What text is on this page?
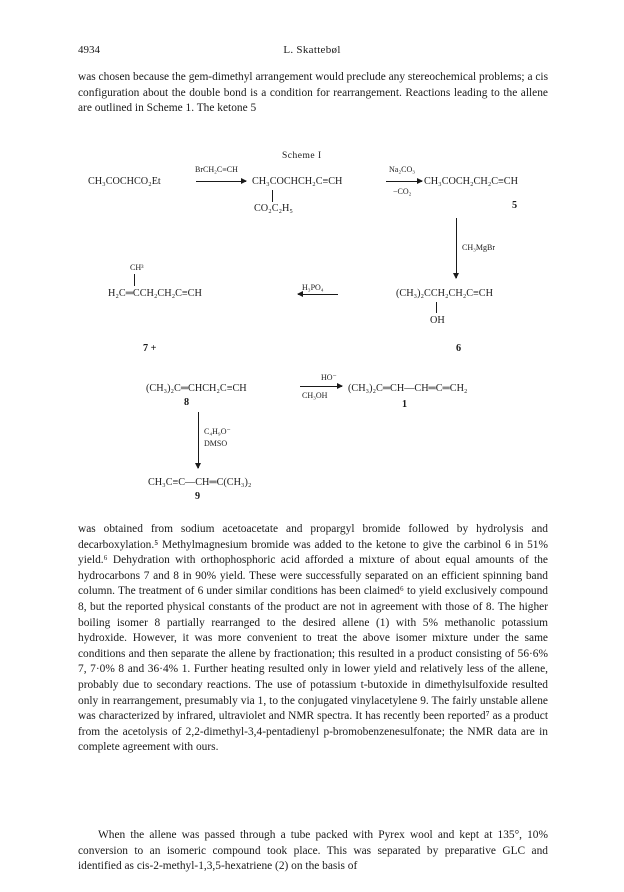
4934	L. Skattebøl

was chosen because the gem-dimethyl arrangement would preclude any stereochemical problems; a cis configuration about the double bond is a condition for rearrangement. Reactions leading to the allene are outlined in Scheme 1. The ketone 5

Scheme I
CH₃COCHCO₂Et
BrCH₂C≡CH
→ CH₃COCHCH₂C≡CH
CO₂C₂H₅
Na₂CO₃
−CO₂
CH₃COCH₂CH₂C≡CH
5
CH₃MgBr
CH³
H₂C═CCH₂CH₂C≡CH
H₃PO₄
(CH₃)₂CCH₂CH₂C≡CH
OH
7 +	6
(CH₃)₂C═CHCH₂C≡CH
8
HO⁻
CH₃OH
(CH₃)₂C═CH—CH═C═CH₂
1
C₄H₉O⁻
DMSO
CH₃C≡C—CH═C(CH₃)₂
9

was obtained from sodium acetoacetate and propargyl bromide followed by hydrolysis and decarboxylation.⁵ Methylmagnesium bromide was added to the ketone to give the carbinol 6 in 51% yield.⁶ Dehydration with orthophosphoric acid afforded a mixture of about equal amounts of the hydrocarbons 7 and 8 in 90% yield. These were successfully separated on an efficient spinning band column. The treatment of 6 under similar conditions has been claimed⁶ to yield exclusively compound 8, but the reported physical constants of the product are not in agreement with those of 8. The higher boiling isomer 8 partially rearranged to the desired allene (1) with 5% methanolic potassium hydroxide. However, it was more convenient to treat the above isomer mixture under the same conditions and then separate the allene by fractionation; this resulted in a product consisting of 56·6% 7, 7·0% 8 and 36·4% 1. Further heating resulted only in lower yield and relatively less of the allene, probably due to secondary reactions. The use of potassium t-butoxide in dimethylsulfoxide resulted only in rearrangement, presumably via 1, to the conjugated vinylacetylene 9. The fairly unstable allene was characterized by infrared, ultraviolet and NMR spectra. It has recently been reported⁷ as a product from the acetolysis of 2,2-dimethyl-3,4-pentadienyl p-bromobenzenesulfonate; the NMR data are in complete agreement with ours.

When the allene was passed through a tube packed with Pyrex wool and kept at 135°, 10% conversion to an isomeric compound took place. This was separated by preparative GLC and identified as cis-2-methyl-1,3,5-hexatriene (2) on the basis of
